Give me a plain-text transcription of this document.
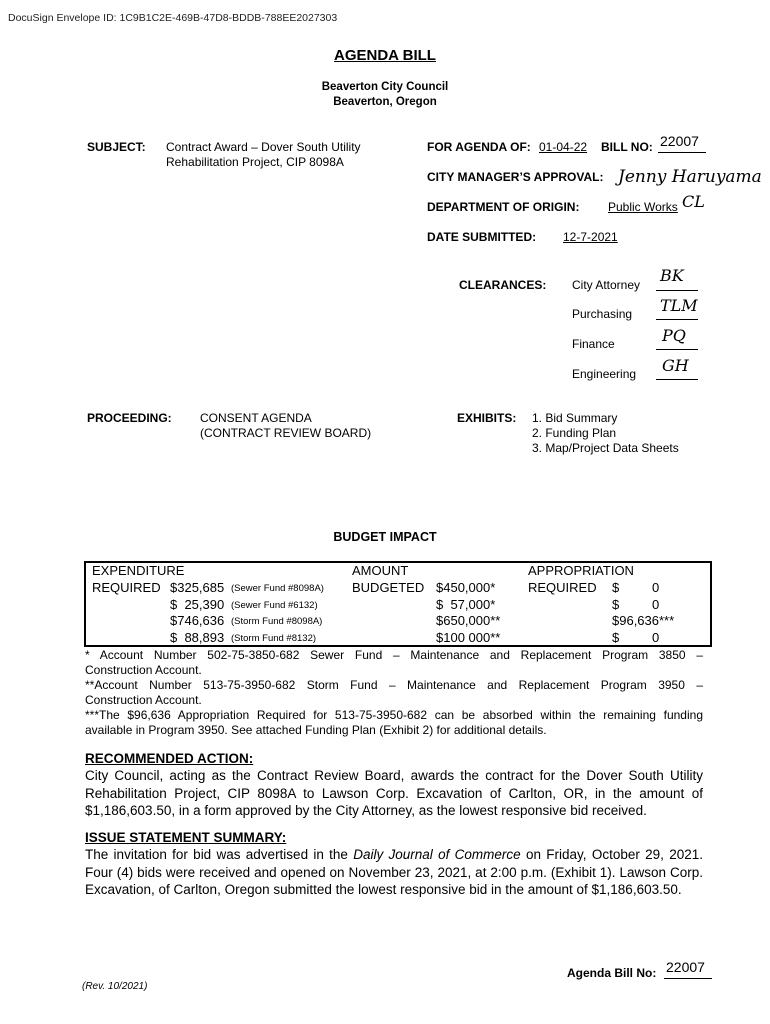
DocuSign Envelope ID: 1C9B1C2E-469B-47D8-BDDB-788EE2027303
AGENDA BILL
Beaverton City Council
Beaverton, Oregon
SUBJECT: Contract Award – Dover South Utility
Rehabilitation Project, CIP 8098A
FOR AGENDA OF: 01-04-22 BILL NO: 22007
CITY MANAGER’S APPROVAL: Jenny Haruyama
DEPARTMENT OF ORIGIN: Public Works CL
DATE SUBMITTED: 12-7-2021
CLEARANCES: City Attorney BK
Purchasing TLM
Finance	PQ
Engineering GH
PROCEEDING: CONSENT AGENDA
(CONTRACT REVIEW BOARD)
EXHIBITS: 1. Bid Summary
2. Funding Plan
3. Map/Project Data Sheets
BUDGET IMPACT
EXPENDITURE
REQUIRED
AMOUNT
BUDGETED
APPROPRIATION
REQUIRED
$325,685 (Sewer Fund #8098A)	$450,000*	$	0
$  25,390 (Sewer Fund #6132)	$  57,000*	$	0
$746,636 (Storm Fund #8098A)	$650,000**	$96,636***
$  88,893 (Storm Fund #8132)	$100 000**	$	0
* Account Number 502-75-3850-682 Sewer Fund – Maintenance and Replacement Program 3850 –
Construction Account.
**Account Number 513-75-3950-682 Storm Fund – Maintenance and Replacement Program 3950 –
Construction Account.
***The $96,636 Appropriation Required for 513-75-3950-682 can be absorbed within the remaining funding
available in Program 3950. See attached Funding Plan (Exhibit 2) for additional details.
RECOMMENDED ACTION:
City Council, acting as the Contract Review Board, awards the contract for the Dover South Utility Rehabilitation Project, CIP 8098A to Lawson Corp. Excavation of Carlton, OR, in the amount of $1,186,603.50, in a form approved by the City Attorney, as the lowest responsive bid received.
ISSUE STATEMENT SUMMARY:
The invitation for bid was advertised in the Daily Journal of Commerce on Friday, October 29, 2021. Four (4) bids were received and opened on November 23, 2021, at 2:00 p.m. (Exhibit 1). Lawson Corp. Excavation, of Carlton, Oregon submitted the lowest responsive bid in the amount of $1,186,603.50.
Agenda Bill No: 22007
(Rev. 10/2021)
